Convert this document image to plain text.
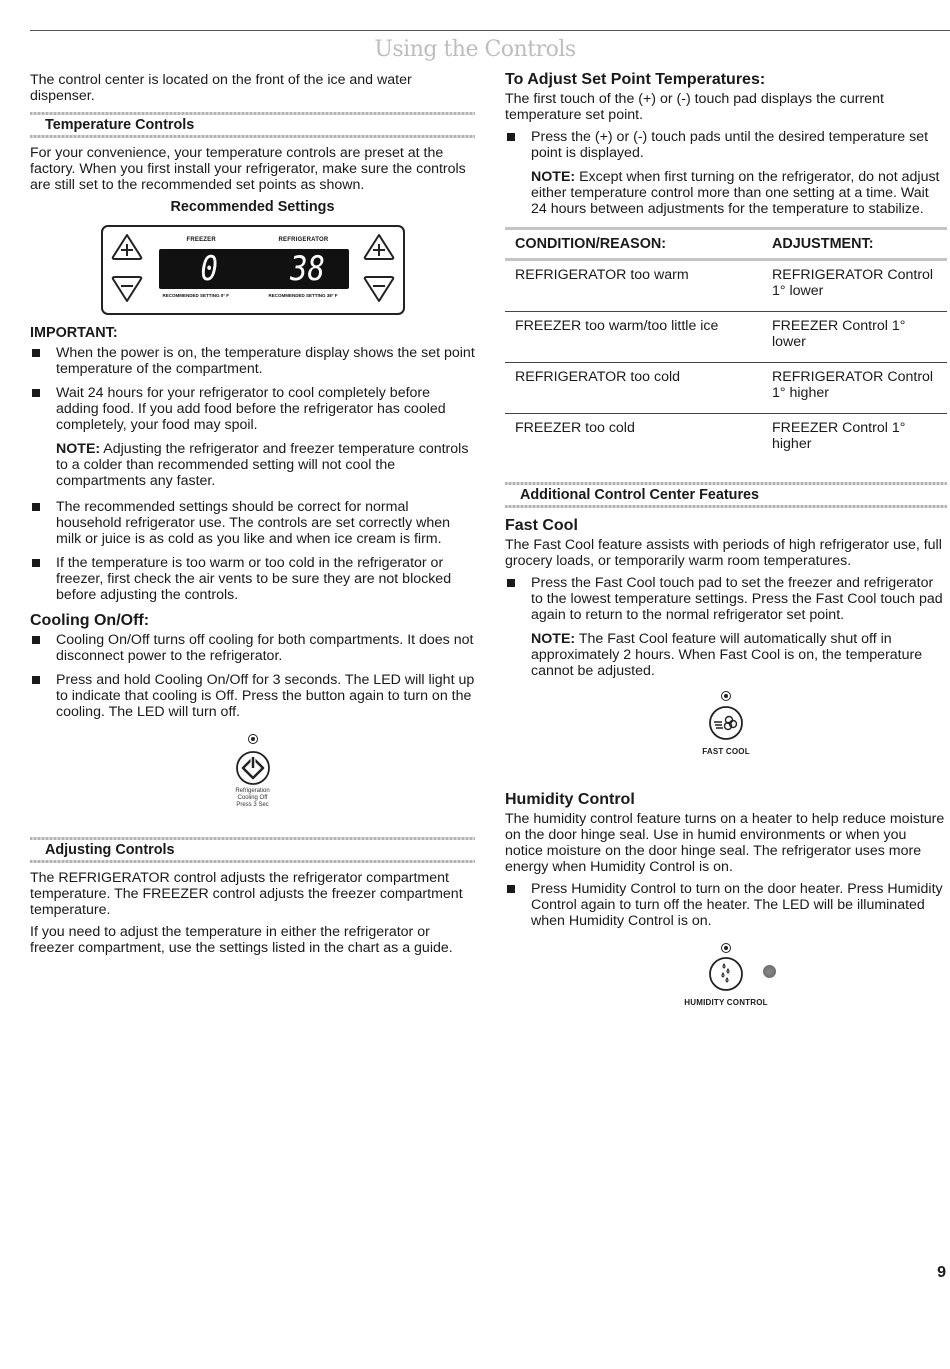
Using the Controls

The control center is located on the front of the ice and water dispenser.

Temperature Controls

For your convenience, your temperature controls are preset at the factory. When you first install your refrigerator, make sure the controls are still set to the recommended set points as shown.

Recommended Settings
FREEZER	REFRIGERATOR
0 38
RECOMMENDED SETTING 0° F	RECOMMENDED SETTING 38° F
IMPORTANT:
When the power is on, the temperature display shows the set point temperature of the compartment.
Wait 24 hours for your refrigerator to cool completely before adding food. If you add food before the refrigerator has cooled completely, your food may spoil.

NOTE: Adjusting the refrigerator and freezer temperature controls to a colder than recommended setting will not cool the compartments any faster.

The recommended settings should be correct for normal household refrigerator use. The controls are set correctly when milk or juice is as cold as you like and when ice cream is firm.
If the temperature is too warm or too cold in the refrigerator or freezer, first check the air vents to be sure they are not blocked before adjusting the controls.
Cooling On/Off:
Cooling On/Off turns off cooling for both compartments. It does not disconnect power to the refrigerator.
Press and hold Cooling On/Off for 3 seconds. The LED will light up to indicate that cooling is Off. Press the button again to turn on the cooling. The LED will turn off.
Refrigeration
Cooling Off
Press 3 Sec
Adjusting Controls

The REFRIGERATOR control adjusts the refrigerator compartment temperature. The FREEZER control adjusts the freezer compartment temperature.

If you need to adjust the temperature in either the refrigerator or freezer compartment, use the settings listed in the chart as a guide.

To Adjust Set Point Temperatures:

The first touch of the (+) or (-) touch pad displays the current temperature set point.

Press the (+) or (-) touch pads until the desired temperature set point is displayed.

NOTE: Except when first turning on the refrigerator, do not adjust either temperature control more than one setting at a time. Wait 24 hours between adjustments for the temperature to stabilize.

CONDITION/REASON:	ADJUSTMENT:
REFRIGERATOR too warm	REFRIGERATOR Control 1° lower
FREEZER too warm/too little ice	FREEZER Control 1° lower
REFRIGERATOR too cold	REFRIGERATOR Control 1° higher
FREEZER too cold	FREEZER Control 1° higher
Additional Control Center Features
Fast Cool

The Fast Cool feature assists with periods of high refrigerator use, full grocery loads, or temporarily warm room temperatures.

Press the Fast Cool touch pad to set the freezer and refrigerator to the lowest temperature settings. Press the Fast Cool touch pad again to return to the normal refrigerator set point.

NOTE: The Fast Cool feature will automatically shut off in approximately 2 hours. When Fast Cool is on, the temperature cannot be adjusted.

FAST COOL
Humidity Control

The humidity control feature turns on a heater to help reduce moisture on the door hinge seal. Use in humid environments or when you notice moisture on the door hinge seal. The refrigerator uses more energy when Humidity Control is on.

Press Humidity Control to turn on the door heater. Press Humidity Control again to turn off the heater. The LED will be illuminated when Humidity Control is on.
HUMIDITY CONTROL
9
